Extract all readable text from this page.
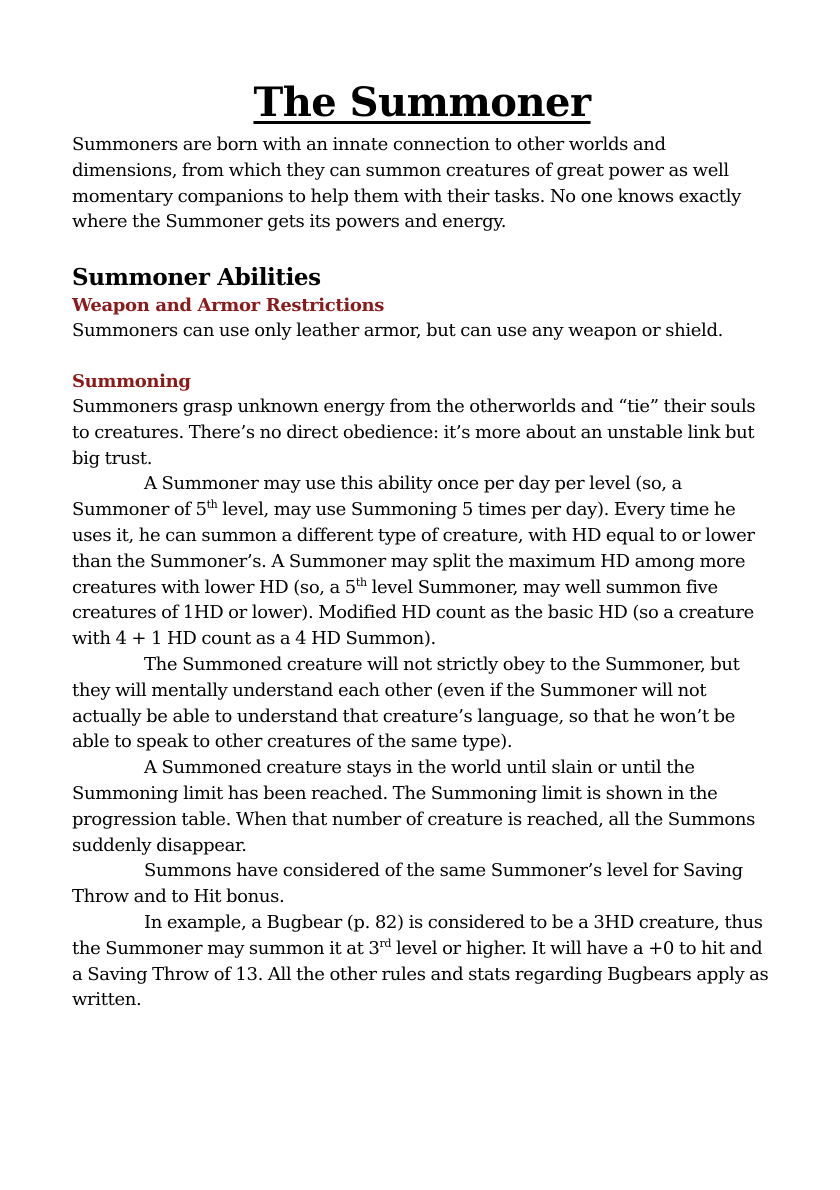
The Summoner

Summoners are born with an innate connection to other worlds and dimensions, from which they can summon creatures of great power as well momentary companions to help them with their tasks. No one knows exactly where the Summoner gets its powers and energy.

Summoner Abilities
Weapon and Armor Restrictions

Summoners can use only leather armor, but can use any weapon or shield.

Summoning

Summoners grasp unknown energy from the otherworlds and “tie” their souls to creatures. There’s no direct obedience: it’s more about an unstable link but big trust.

A Summoner may use this ability once per day per level (so, a Summoner of 5th level, may use Summoning 5 times per day). Every time he uses it, he can summon a different type of creature, with HD equal to or lower than the Summoner’s. A Summoner may split the maximum HD among more creatures with lower HD (so, a 5th level Summoner, may well summon five creatures of 1HD or lower). Modified HD count as the basic HD (so a creature with 4 + 1 HD count as a 4 HD Summon).

The Summoned creature will not strictly obey to the Summoner, but they will mentally understand each other (even if the Summoner will not actually be able to understand that creature’s language, so that he won’t be able to speak to other creatures of the same type).

A Summoned creature stays in the world until slain or until the Summoning limit has been reached. The Summoning limit is shown in the progression table. When that number of creature is reached, all the Summons suddenly disappear.

Summons have considered of the same Summoner’s level for Saving Throw and to Hit bonus.

In example, a Bugbear (p. 82) is considered to be a 3HD creature, thus the Summoner may summon it at 3rd level or higher. It will have a +0 to hit and a Saving Throw of 13. All the other rules and stats regarding Bugbears apply as written.
